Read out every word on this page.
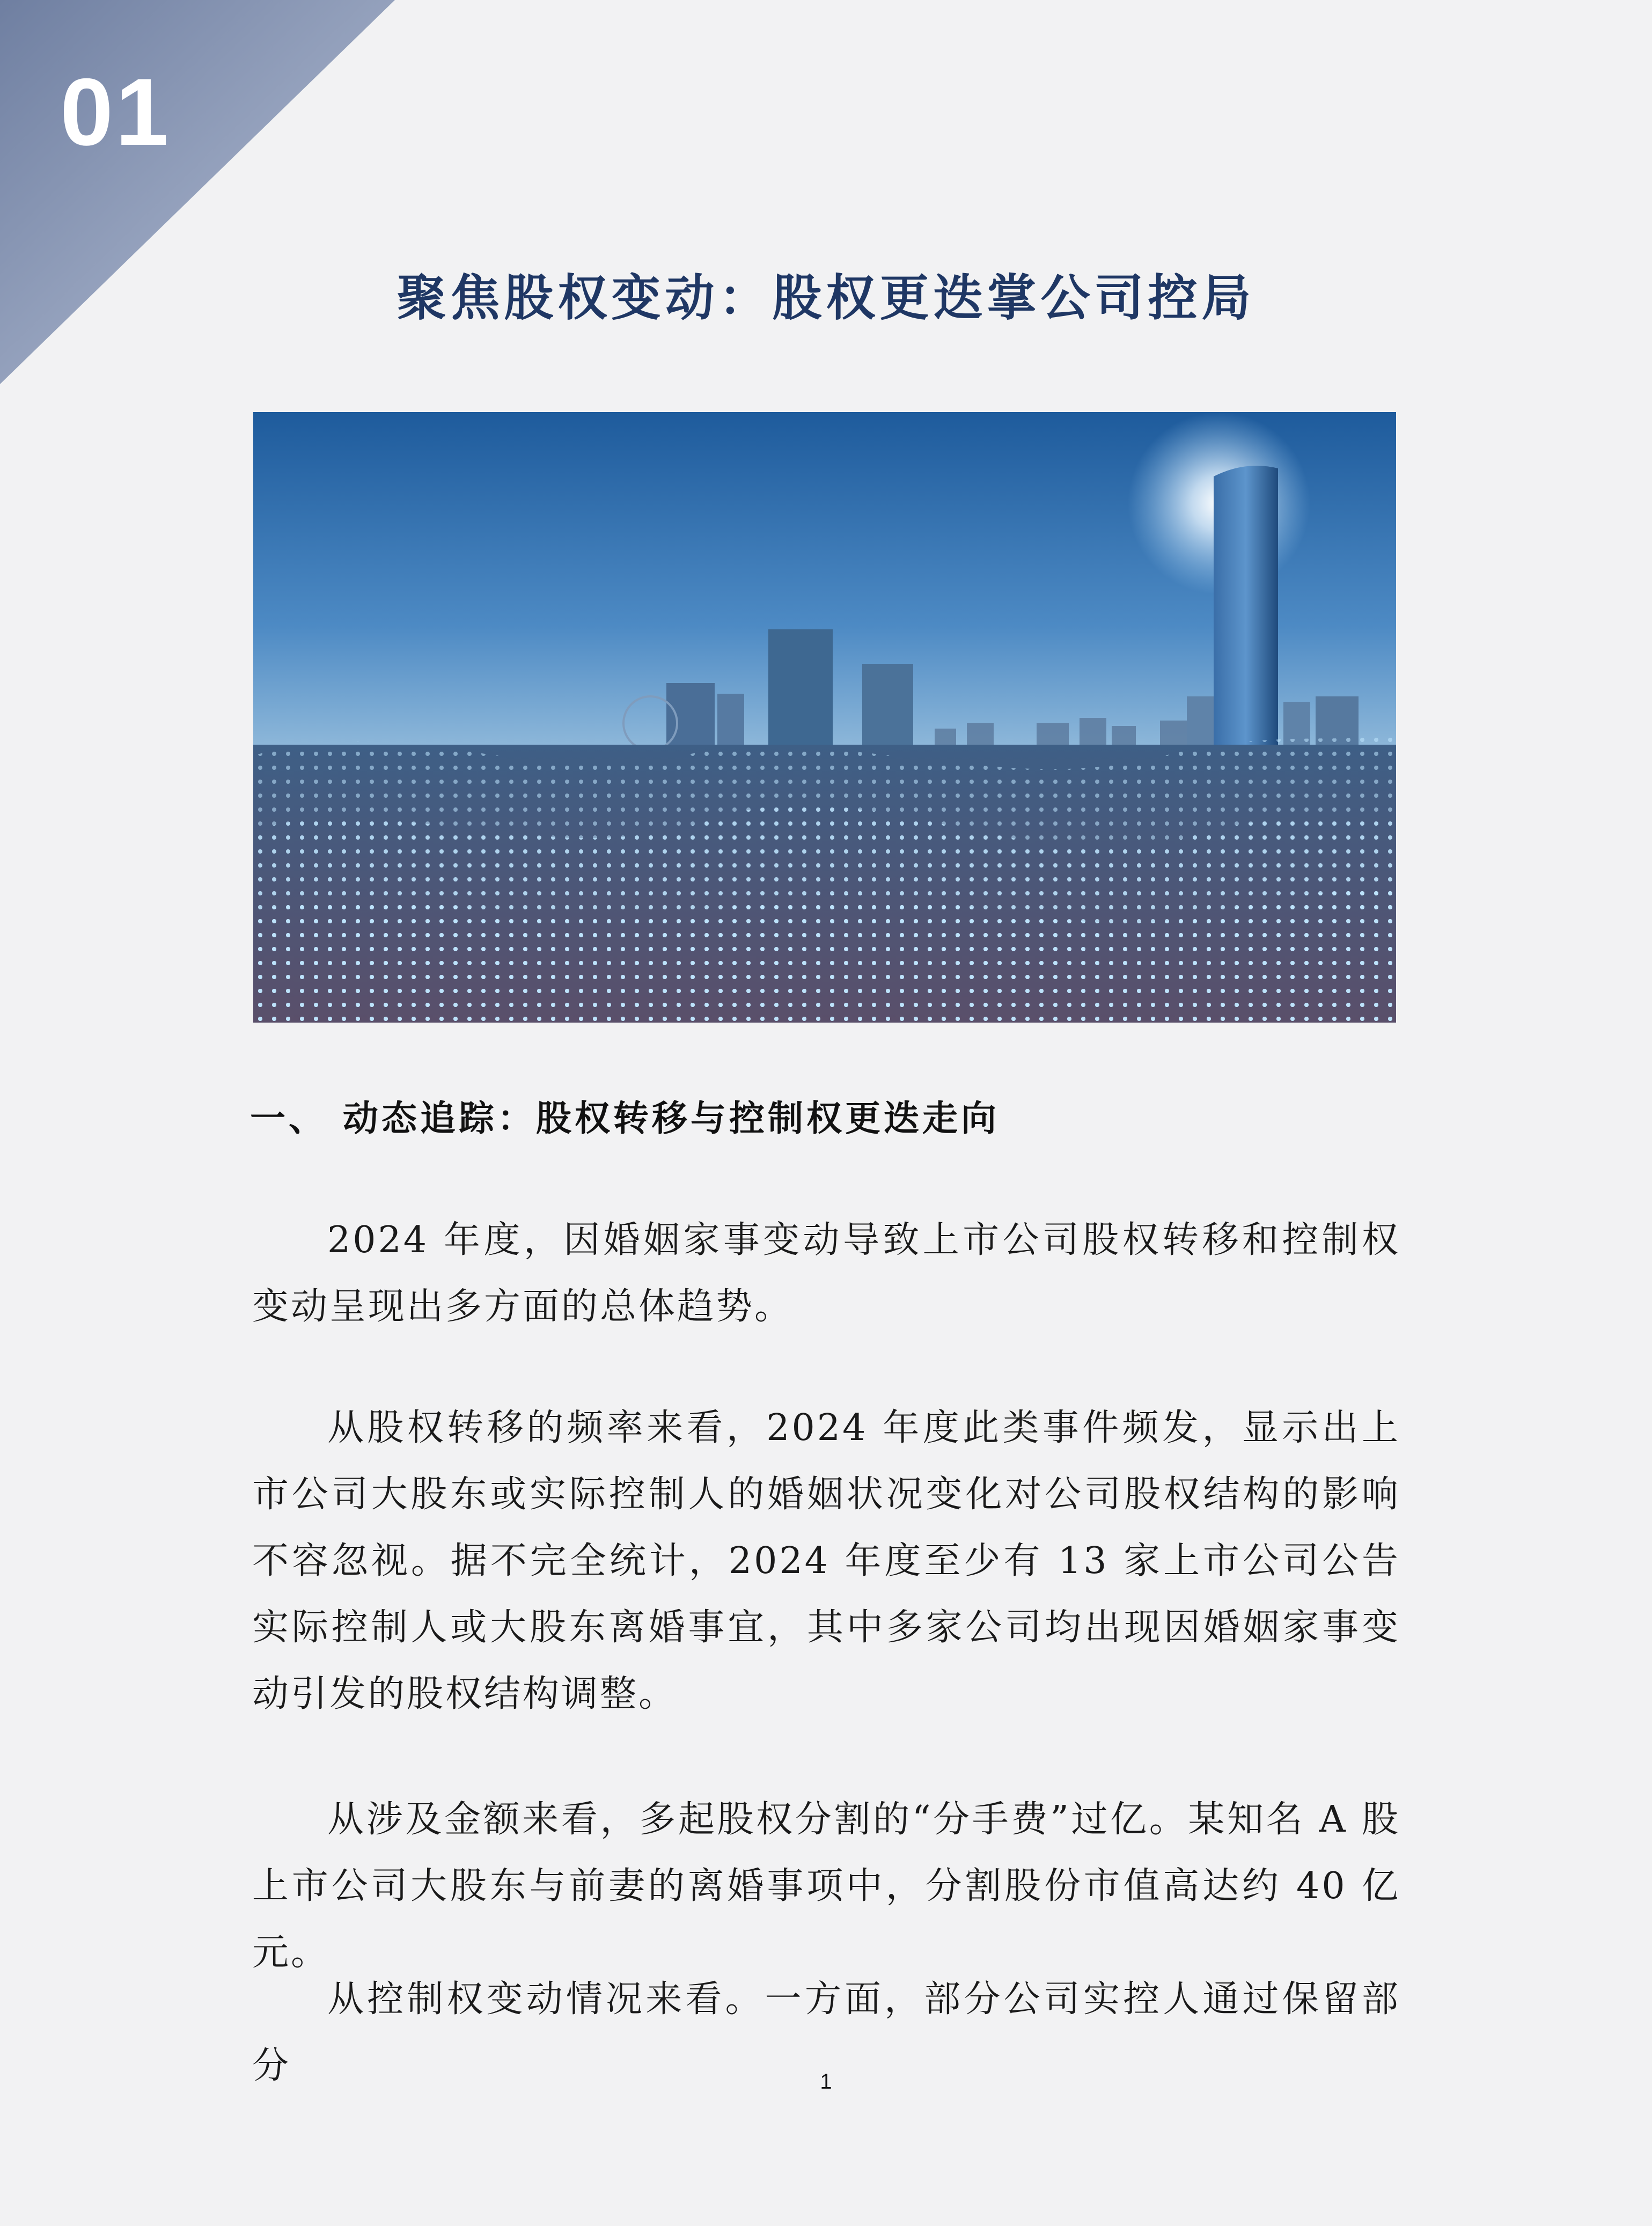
01
聚焦股权变动：股权更迭掌公司控局
一、 动态追踪：股权转移与控制权更迭走向

2024 年度，因婚姻家事变动导致上市公司股权转移和控制权变动呈现出多方面的总体趋势。

从股权转移的频率来看，2024 年度此类事件频发，显示出上市公司大股东或实际控制人的婚姻状况变化对公司股权结构的影响不容忽视。据不完全统计，2024 年度至少有 13 家上市公司公告实际控制人或大股东离婚事宜，其中多家公司均出现因婚姻家事变动引发的股权结构调整。

从涉及金额来看，多起股权分割的“分手费”过亿。某知名 A 股上市公司大股东与前妻的离婚事项中，分割股份市值高达约 40 亿元。

从控制权变动情况来看。一方面，部分公司实控人通过保留部分	1
